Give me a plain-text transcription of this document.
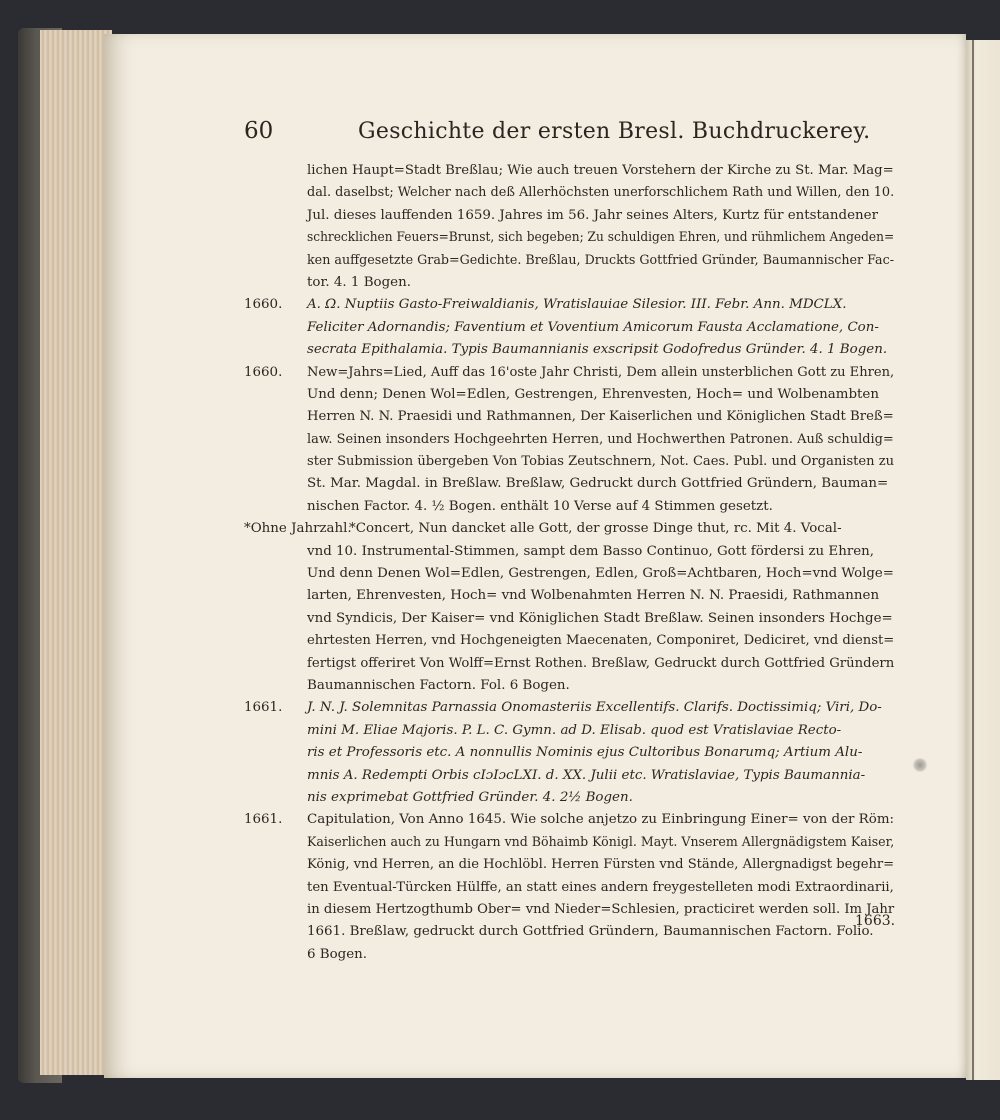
60	Geschichte der ersten Bresl. Buchdruckerey.
lichen Haupt=Stadt Breßlau; Wie auch treuen Vorstehern der Kirche zu St. Mar. Mag=
dal. daselbst; Welcher nach deß Allerhöchsten unerforschlichem Rath und Willen, den 10.
Jul. dieses lauffenden 1659. Jahres im 56. Jahr seines Alters, Kurtz für entstandener
schrecklichen Feuers=Brunst, sich begeben; Zu schuldigen Ehren, und rühmlichem Angeden=
ken auffgesetzte Grab=Gedichte. Breßlau, Druckts Gottfried Gründer, Baumannischer Fac-
tor. 4. 1 Bogen.
1660. A. Ω. Nuptiis Gasto-Freiwaldianis, Wratislauiae Silesior. III. Febr. Ann. MDCLX.
Feliciter Adornandis; Faventium et Voventium Amicorum Fausta Acclamatione, Con-
secrata Epithalamia. Typis Baumannianis exscripsit Godofredus Gründer. 4. 1 Bogen.
1660. New=Jahrs=Lied, Auff das 16'oste Jahr Christi, Dem allein unsterblichen Gott zu Ehren,
Und denn; Denen Wol=Edlen, Gestrengen, Ehrenvesten, Hoch= und Wolbenambten
Herren N. N. Praesidi und Rathmannen, Der Kaiserlichen und Königlichen Stadt Breß=
law. Seinen insonders Hochgeehrten Herren, und Hochwerthen Patronen. Auß schuldig=
ster Submission übergeben Von Tobias Zeutschnern, Not. Caes. Publ. und Organisten zu
St. Mar. Magdal. in Breßlaw. Breßlaw, Gedruckt durch Gottfried Gründern, Bauman=
nischen Factor. 4. ½ Bogen. enthält 10 Verse auf 4 Stimmen gesetzt.
*Ohne Jahrzahl.
*Concert, Nun dancket alle Gott, der grosse Dinge thut, rc. Mit 4. Vocal-
vnd 10. Instrumental-Stimmen, sampt dem Basso Continuo, Gott fördersi zu Ehren,
Und denn Denen Wol=Edlen, Gestrengen, Edlen, Groß=Achtbaren, Hoch=vnd Wolge=
larten, Ehrenvesten, Hoch= vnd Wolbenahmten Herren N. N. Praesidi, Rathmannen
vnd Syndicis, Der Kaiser= vnd Königlichen Stadt Breßlaw. Seinen insonders Hochge=
ehrtesten Herren, vnd Hochgeneigten Maecenaten, Componiret, Dediciret, vnd dienst=
fertigst offeriret Von Wolff=Ernst Rothen. Breßlaw, Gedruckt durch Gottfried Gründern
Baumannischen Factorn. Fol. 6 Bogen.
1661. J. N. J. Solemnitas Parnassia Onomasteriis Excellentifs. Clarifs. Doctissimiq; Viri, Do-
mini M. Eliae Majoris. P. L. C. Gymn. ad D. Elisab. quod est Vratislaviae Recto-
ris et Professoris etc. A nonnullis Nominis ejus Cultoribus Bonarumq; Artium Alu-
mnis A. Redempti Orbis cIɔIɔcLXI. d. XX. Julii etc. Wratislaviae, Typis Baumannia-
nis exprimebat Gottfried Gründer. 4. 2½ Bogen.
1661. Capitulation, Von Anno 1645. Wie solche anjetzo zu Einbringung Einer= von der Röm:
Kaiserlichen auch zu Hungarn vnd Böhaimb Königl. Mayt. Vnserem Allergnädigstem Kaiser,
König, vnd Herren, an die Hochlöbl. Herren Fürsten vnd Stände, Allergnadigst begehr=
ten Eventual-Türcken Hülffe, an statt eines andern freygestelleten modi Extraordinarii,
in diesem Hertzogthumb Ober= vnd Nieder=Schlesien, practiciret werden soll. Im Jahr
1661. Breßlaw, gedruckt durch Gottfried Gründern, Baumannischen Factorn. Folio.
6 Bogen.
1663.
